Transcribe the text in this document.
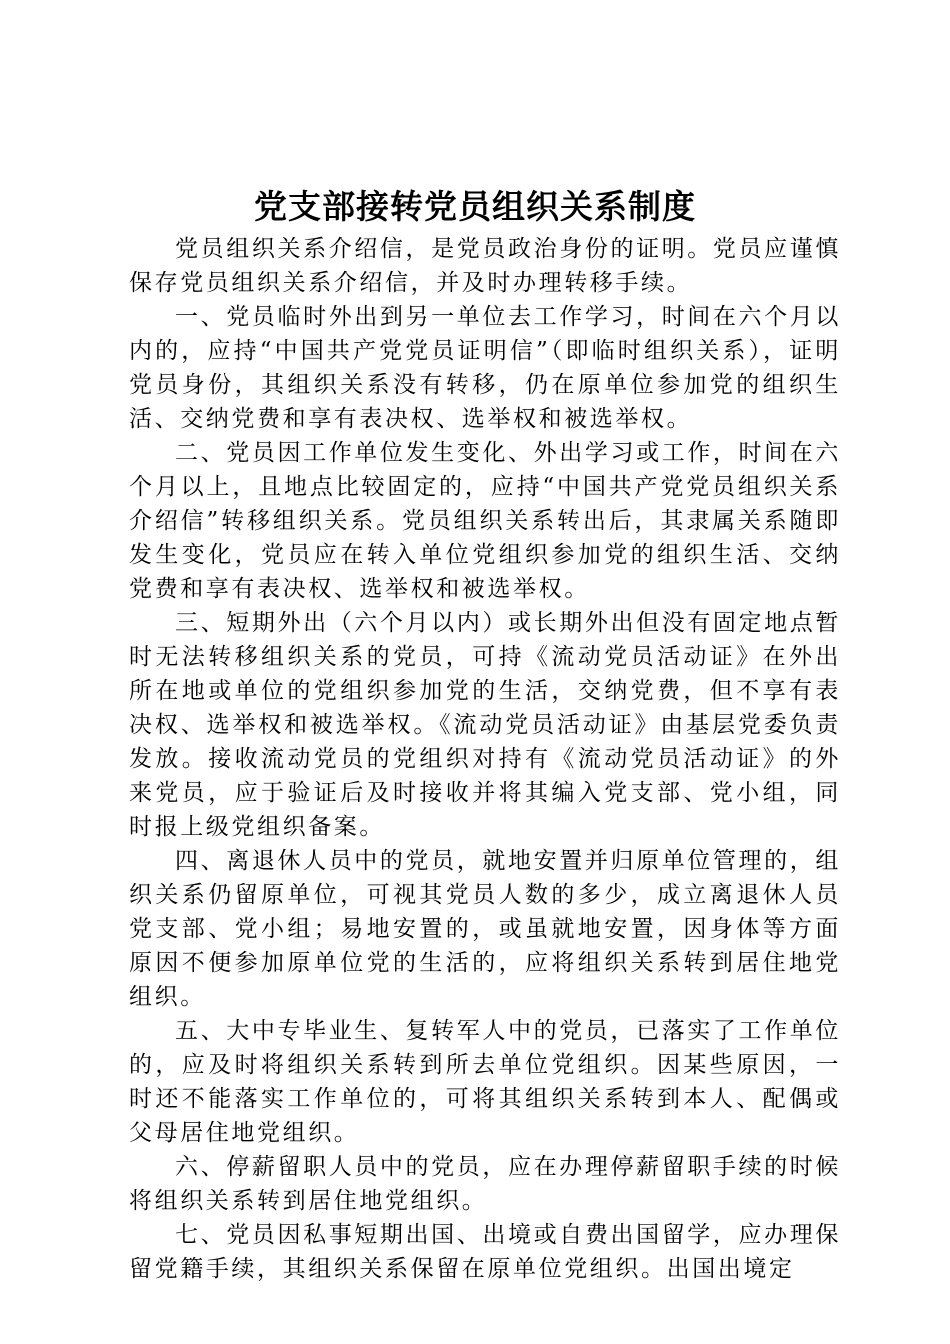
党支部接转党员组织关系制度

党员组织关系介绍信，是党员政治身份的证明。党员应谨慎保存党员组织关系介绍信，并及时办理转移手续。

一、党员临时外出到另一单位去工作学习，时间在六个月以内的，应持“中国共产党党员证明信”（即临时组织关系），证明党员身份，其组织关系没有转移，仍在原单位参加党的组织生活、交纳党费和享有表决权、选举权和被选举权。

二、党员因工作单位发生变化、外出学习或工作，时间在六个月以上，且地点比较固定的，应持“中国共产党党员组织关系介绍信”转移组织关系。党员组织关系转出后，其隶属关系随即发生变化，党员应在转入单位党组织参加党的组织生活、交纳党费和享有表决权、选举权和被选举权。

三、短期外出（六个月以内）或长期外出但没有固定地点暂时无法转移组织关系的党员，可持《流动党员活动证》在外出所在地或单位的党组织参加党的生活，交纳党费，但不享有表决权、选举权和被选举权。《流动党员活动证》由基层党委负责发放。接收流动党员的党组织对持有《流动党员活动证》的外来党员，应于验证后及时接收并将其编入党支部、党小组，同时报上级党组织备案。

四、离退休人员中的党员，就地安置并归原单位管理的，组织关系仍留原单位，可视其党员人数的多少，成立离退休人员党支部、党小组；易地安置的，或虽就地安置，因身体等方面原因不便参加原单位党的生活的，应将组织关系转到居住地党组织。

五、大中专毕业生、复转军人中的党员，已落实了工作单位的，应及时将组织关系转到所去单位党组织。因某些原因，一时还不能落实工作单位的，可将其组织关系转到本人、配偶或父母居住地党组织。

六、停薪留职人员中的党员，应在办理停薪留职手续的时候将组织关系转到居住地党组织。

七、党员因私事短期出国、出境或自费出国留学，应办理保留党籍手续，其组织关系保留在原单位党组织。出国出境定
